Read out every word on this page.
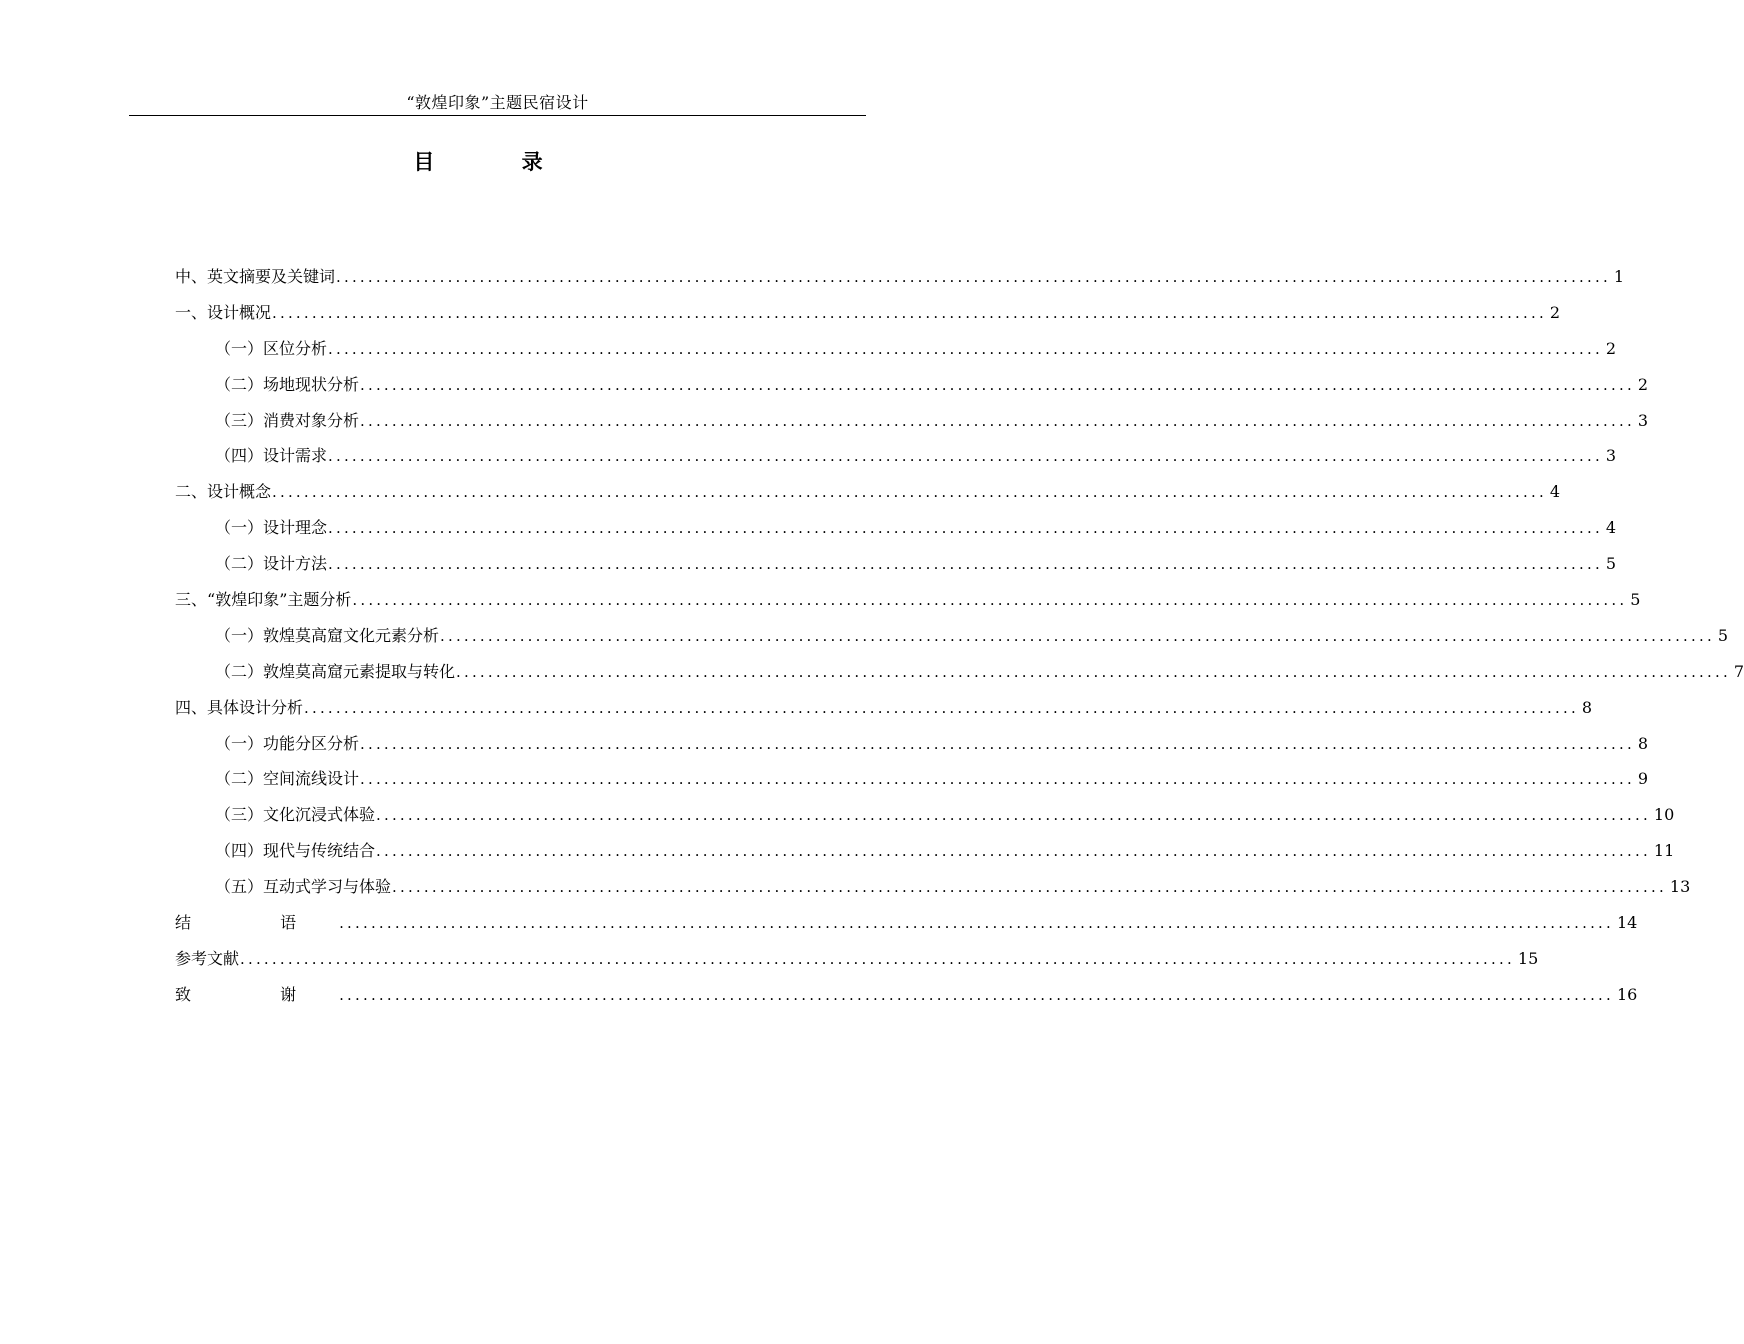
“敦煌印象”主题民宿设计
目 录
中、英文摘要及关键词 ................................................................................................................................................................ 1
一、 设计概况 ................................................................................................................................................................ 2
（一） 区位分析 ................................................................................................................................................................ 2
（二） 场地现状分析 ................................................................................................................................................................ 2
（三） 消费对象分析 ................................................................................................................................................................ 3
（四） 设计需求 ................................................................................................................................................................ 3
二、 设计概念 ................................................................................................................................................................ 4
（一） 设计理念 ................................................................................................................................................................ 4
（二） 设计方法 ................................................................................................................................................................ 5
三、 “敦煌印象”主题分析 ................................................................................................................................................................ 5
（一） 敦煌莫高窟文化元素分析 ................................................................................................................................................................ 5
（二） 敦煌莫高窟元素提取与转化 ................................................................................................................................................................ 7
四、具体设计分析 ................................................................................................................................................................ 8
（一） 功能分区分析 ................................................................................................................................................................ 8
（二） 空间流线设计 ................................................................................................................................................................ 9
（三） 文化沉浸式体验 ................................................................................................................................................................ 10
（四） 现代与传统结合 ................................................................................................................................................................ 11
（五） 互动式学习与体验 ................................................................................................................................................................ 13
结 语 ................................................................................................................................................................ 14
参考文献 ................................................................................................................................................................ 15
致 谢 ................................................................................................................................................................ 16
